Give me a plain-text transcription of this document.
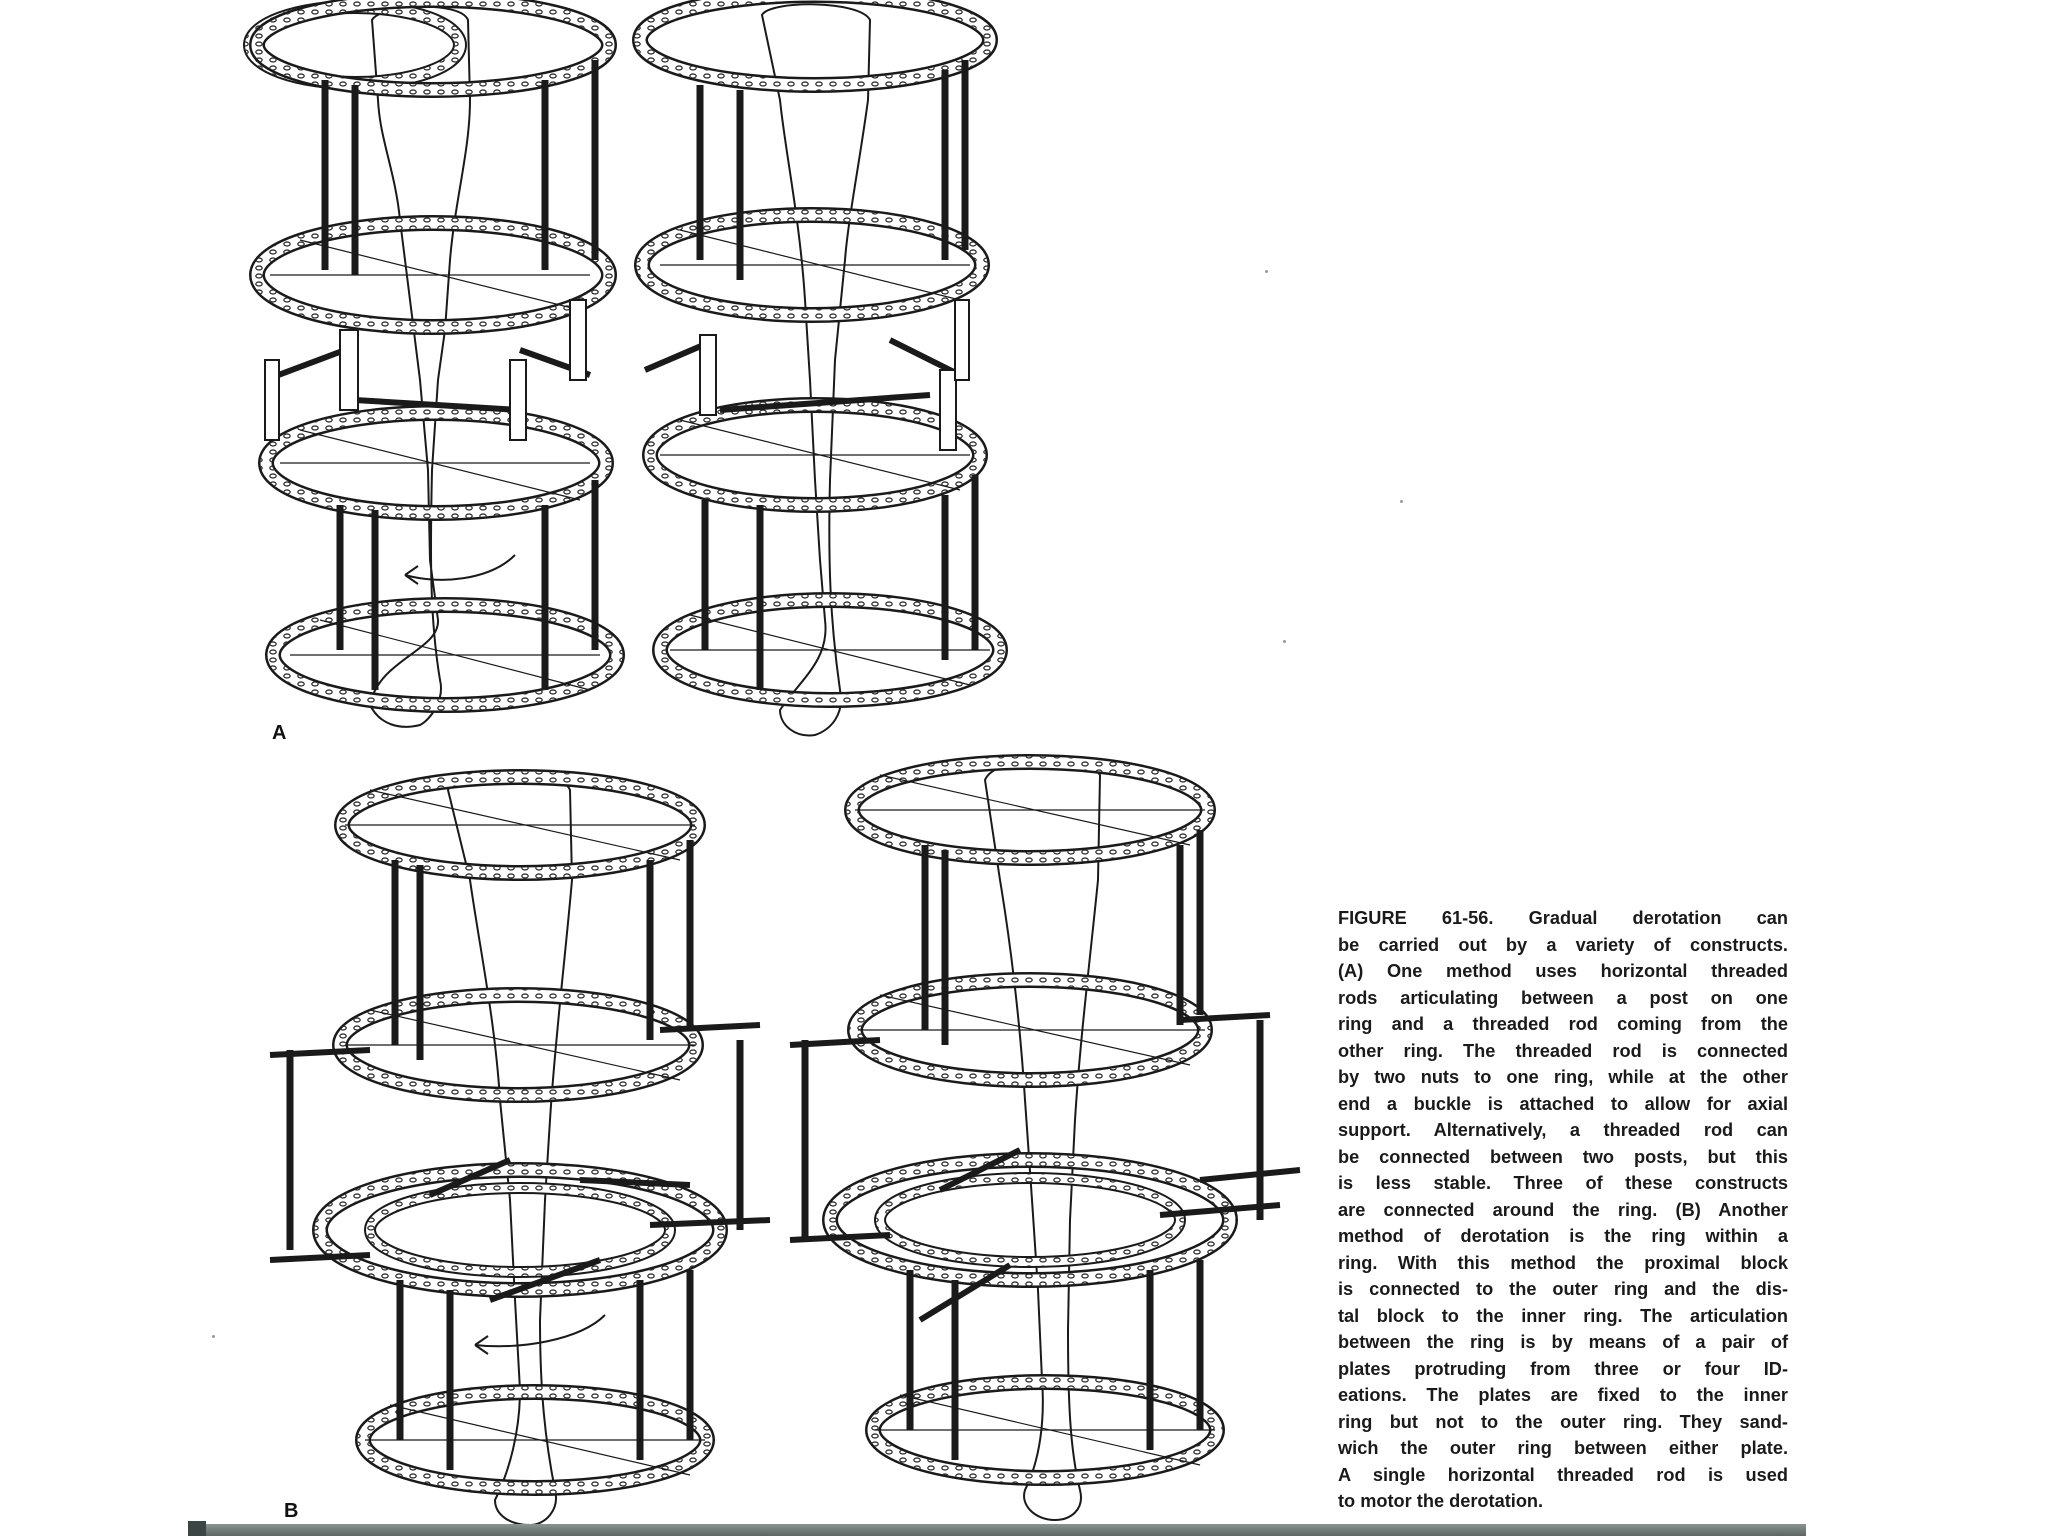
A
B
FIGURE 61-56. Gradual derotation can
be carried out by a variety of constructs.
(A) One method uses horizontal threaded
rods articulating between a post on one
ring and a threaded rod coming from the
other ring. The threaded rod is connected
by two nuts to one ring, while at the other
end a buckle is attached to allow for axial
support. Alternatively, a threaded rod can
be connected between two posts, but this
is less stable. Three of these constructs
are connected around the ring. (B) Another
method of derotation is the ring within a
ring. With this method the proximal block
is connected to the outer ring and the dis-
tal block to the inner ring. The articulation
between the ring is by means of a pair of
plates protruding from three or four ID-
eations. The plates are fixed to the inner
ring but not to the outer ring. They sand-
wich the outer ring between either plate.
A single horizontal threaded rod is used
to motor the derotation.
